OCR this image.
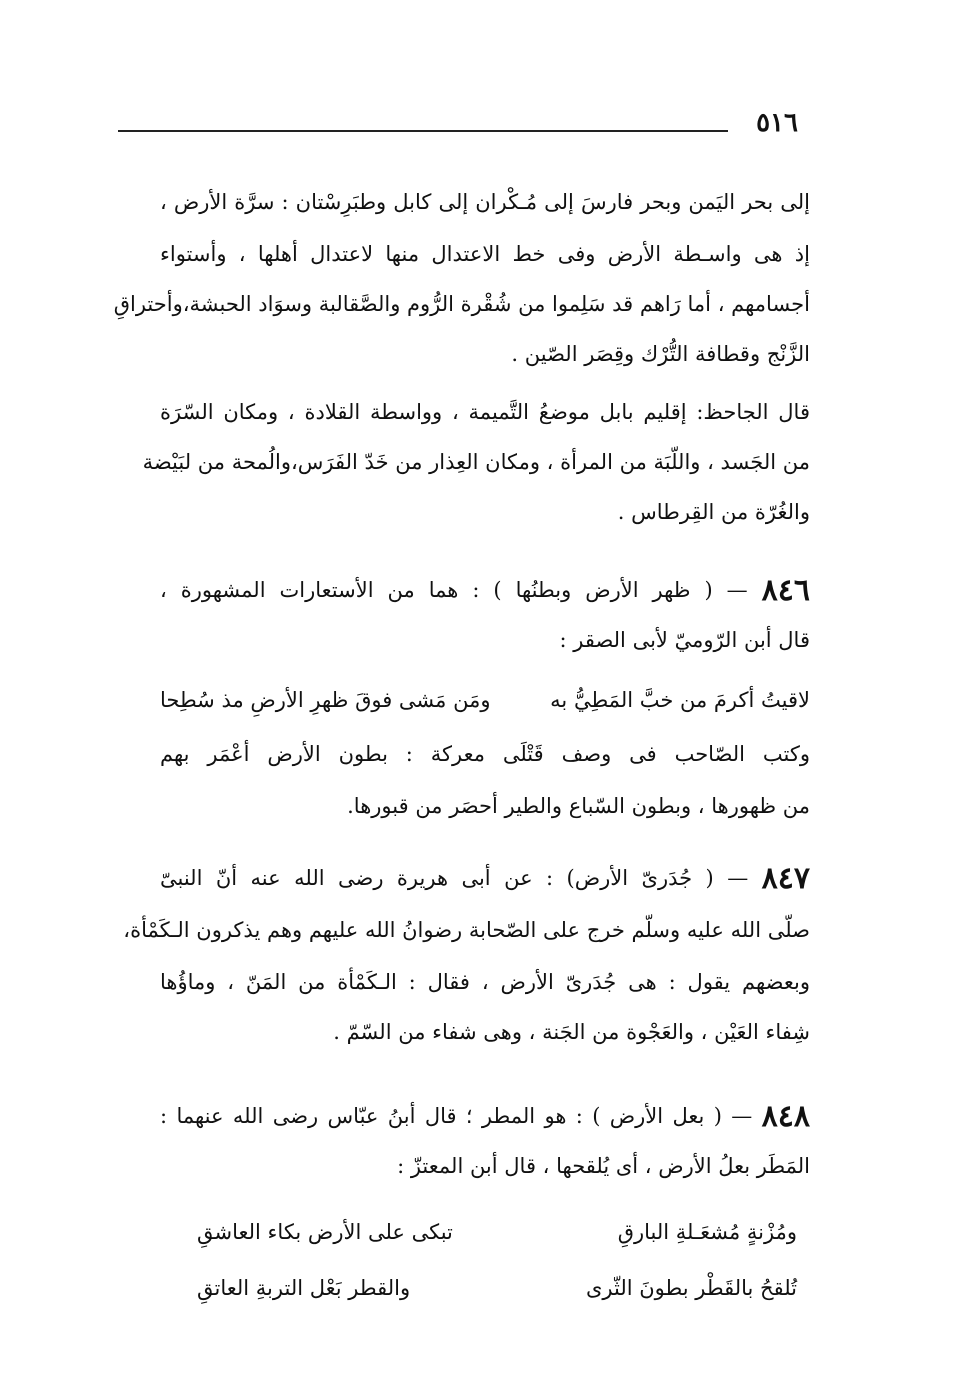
٥١٦
إلى بحر اليَمن وبحر فارسَ إلى مُـكْران إلى كابل وطبَرِسْتان : سرَّة الأرض ،
إذ هى واسـطة الأرض وفى خط الاعتدال منها لاعتدال أهلها ، وأستواء
أجسامهم ، أما رَاهم قد سَلِموا من شُقْرة الرُّوم والصَّقالبة وسوَاد الحبشة،وأحتراقِ
الزَّنْج وقطافة التُّرْك وقِصَر الصّين .
قال الجاحظ: إقليم بابل موضعُ التَّميمة ، وواسطة القلادة ، ومكان السّرَة
من الجَسد ، واللّبَة من المرأة ، ومكان العِذار من خَدّ الفَرَس،والُمحة من لبَيْضة
والغُرّة من القِرطاس .
٨٤٦ — ( ظهر الأرض وبطنُها ) : هما من الأستعارات المشهورة ،
قال أبن الرّوميّ لأبى الصقر :
لاقيتُ أكرمَ من خبَّ المَطِيُّ به
ومَن مَشى فوقَ ظهرِ الأرضِ مذ سُطِحا
وكتب الصّاحب فى وصف قَتْلَى معركة : بطون الأرض أعْمَر بهم
من ظهورها ، وبطون السّباع والطير أحصَر من قبورها.
٨٤٧ — ( جُدَرىّ الأرض) : عن أبى هريرة رضى الله عنه أنّ النبىّ
صلّى الله عليه وسلّم خرج على الصّحابة رضوانُ الله عليهم وهم يذكرون الـكَمْأة،
وبعضهم يقول : هى جُدَرىّ الأرض ، فقال : الـكَمْأة من المَنّ ، وماؤُها
شِفاء العَيْن ، والعَجْوة من الجَنة ، وهى شفاء من السّمّ .
٨٤٨ — ( بعل الأرض ) : هو المطر ؛ قال أبنُ عبّاس رضى الله عنهما :
المَطَر بعلُ الأرض ، أى يُلقحها ، قال أبن المعتزّ :
ومُزْنةٍ مُشعَـلةِ البارقِ
تبكى على الأرض بكاء العاشقِ
تُلقحُ بالقَطْر بطونَ الثّرى
والقطر بَعْل التربةِ العاتقِ
